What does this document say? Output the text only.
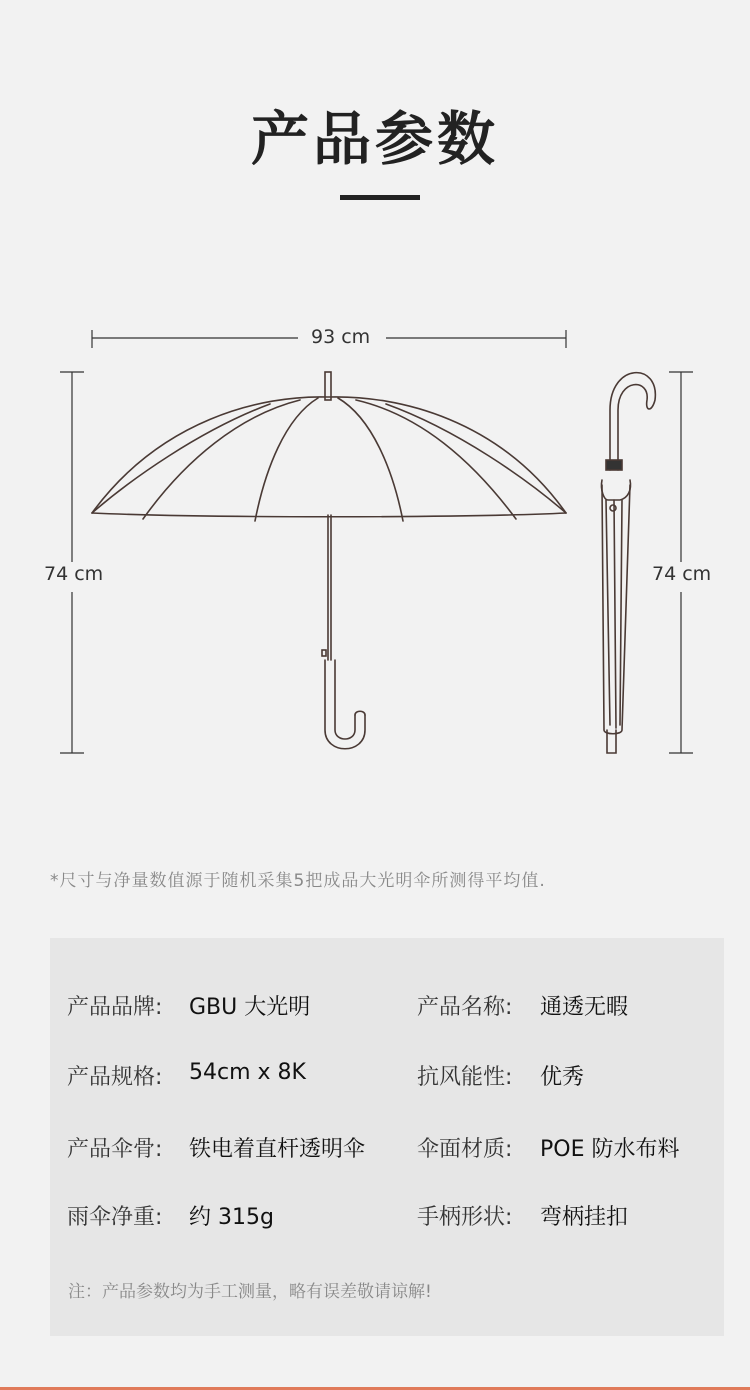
产品参数
93 cm
74 cm	74 cm
*尺寸与净量数值源于随机采集5把成品大光明伞所测得平均值.
产品品牌: GBU 大光明	产品名称: 通透无暇
产品规格: 54cm x 8K	抗风能性: 优秀
产品伞骨: 铁电着直杆透明伞 伞面材质: POE 防水布料
雨伞净重: 约 315g	手柄形状: 弯柄挂扣
注：产品参数均为手工测量，略有误差敬请谅解!
